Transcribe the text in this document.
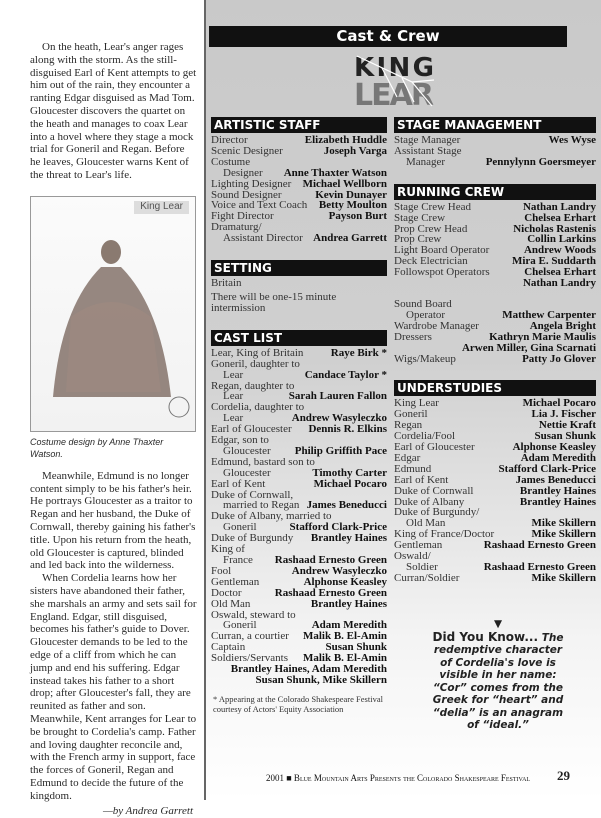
On the heath, Lear's anger rages along with the storm. As the still-disguised Earl of Kent attempts to get him out of the rain, they encounter a ranting Edgar disguised as Mad Tom. Gloucester discovers the quartet on the heath and manages to coax Lear into a hovel where they stage a mock trial for Goneril and Regan. Before he leaves, Gloucester warns Kent of the threat to Lear's life.

King Lear
Costume design by Anne Thaxter Watson.

Meanwhile, Edmund is no longer content simply to be his father's heir. He portrays Gloucester as a traitor to Regan and her husband, the Duke of Cornwall, thereby gaining his father's title. Upon his return from the heath, old Gloucester is captured, blinded and led back into the wilderness.

When Cordelia learns how her sisters have abandoned their father, she marshals an army and sets sail for England. Edgar, still disguised, becomes his father's guide to Dover. Gloucester demands to be led to the edge of a cliff from which he can jump and end his suffering. Edgar instead takes his father to a short drop; after Gloucester's fall, they are reunited as father and son. Meanwhile, Kent arranges for Lear to be brought to Cordelia's camp. Father and loving daughter reconcile and, with the French army in support, face the forces of Goneril, Regan and Edmund to decide the future of the kingdom.

—by Andrea Garrett
Cast & Crew
KING
LEAR
ARTISTIC STAFF
Director	Elizabeth Huddle
Scenic Designer	Joseph Varga
Costume
Designer	Anne Thaxter Watson
Lighting Designer	Michael Wellborn
Sound Designer	Kevin Dunayer
Voice and Text Coach	Betty Moulton
Fight Director	Payson Burt
Dramaturg/
Assistant Director Andrea Garrett
SETTING
Britain
There will be one-15 minute intermission
CAST LIST
Lear, King of Britain	Raye Birk *
Goneril, daughter to
Lear	Candace Taylor *
Regan, daughter to
Lear	Sarah Lauren Fallon
Cordelia, daughter to
Lear	Andrew Wasyleczko
Earl of Gloucester	Dennis R. Elkins
Edgar, son to
Gloucester	Philip Griffith Pace
Edmund, bastard son to
Gloucester	Timothy Carter
Earl of Kent	Michael Pocaro
Duke of Cornwall,
married to Regan James Beneducci
Duke of Albany, married to
Goneril	Stafford Clark-Price
Duke of Burgundy	Brantley Haines
King of
France	Rashaad Ernesto Green
Fool	Andrew Wasyleczko
Gentleman	Alphonse Keasley
Doctor	Rashaad Ernesto Green
Old Man	Brantley Haines
Oswald, steward to
Goneril	Adam Meredith
Curran, a courtier	Malik B. El-Amin
Captain	Susan Shunk
Soldiers/Servants	Malik B. El-Amin
Brantley Haines, Adam Meredith
Susan Shunk, Mike Skillern
* Appearing at the Colorado Shakespeare Festival courtesy of Actors' Equity Association
STAGE MANAGEMENT
Stage Manager	Wes Wyse
Assistant Stage
Manager	Pennylynn Goersmeyer
RUNNING CREW
Stage Crew Head	Nathan Landry
Stage Crew	Chelsea Erhart
Prop Crew Head	Nicholas Rastenis
Prop Crew	Collin Larkins
Light Board Operator	Andrew Woods
Deck Electrician	Mira E. Suddarth
Followspot Operators	Chelsea Erhart
Nathan Landry
Sound Board
Operator	Matthew Carpenter
Wardrobe Manager	Angela Bright
Dressers	Kathryn Marie Maulis
Arwen Miller, Gina Scarnati
Wigs/Makeup	Patty Jo Glover
UNDERSTUDIES
King Lear	Michael Pocaro
Goneril	Lia J. Fischer
Regan	Nettie Kraft
Cordelia/Fool	Susan Shunk
Earl of Gloucester	Alphonse Keasley
Edgar	Adam Meredith
Edmund	Stafford Clark-Price
Earl of Kent	James Beneducci
Duke of Cornwall	Brantley Haines
Duke of Albany	Brantley Haines
Duke of Burgundy/
Old Man	Mike Skillern
King of France/Doctor	Mike Skillern
Gentleman	Rashaad Ernesto Green
Oswald/
Soldier	Rashaad Ernesto Green
Curran/Soldier	Mike Skillern
▼
Did You Know... The redemptive character of Cordelia's love is visible in her name: “Cor” comes from the Greek for “heart” and “delia” is an anagram of “ideal.”
2001 ■ Blue Mountain Arts Presents the Colorado Shakespeare Festival	29
